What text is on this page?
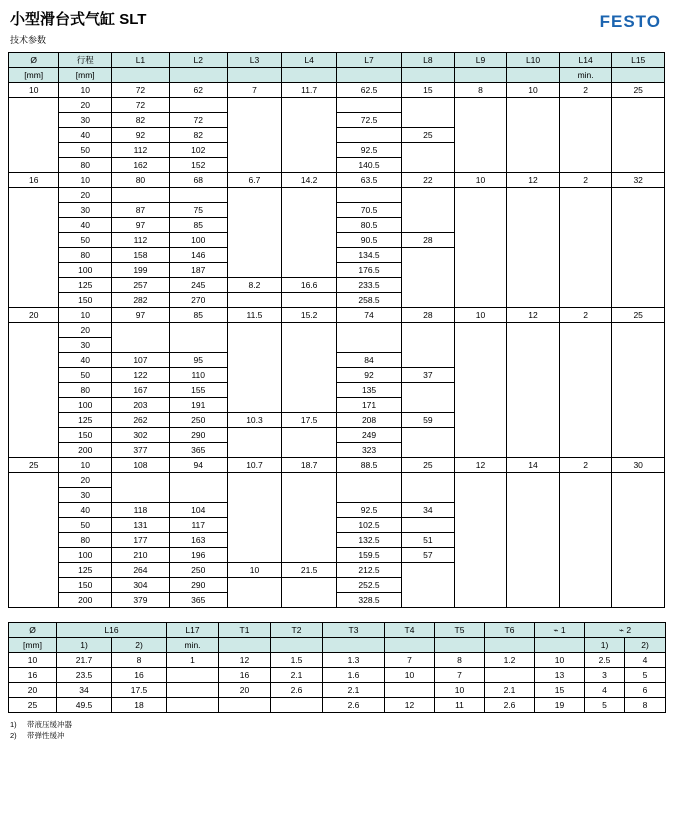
小型滑台式气缸 SLT
技术参数
FESTO
Ø	行程	L1	L2	L3	L4	L7	L8	L9	L10	L14	L15
[mm]	[mm]									min.	
10	10	72	62	7	11.7	62.5	15	8	10	2	25
	20	72									
	30	82	72			72.5					
	40	92	82				25				
	50	112	102			92.5					
	80	162	152			140.5					
16	10	80	68	6.7	14.2	63.5	22	10	12	2	32
	20										
	30	87	75			70.5					
	40	97	85			80.5					
	50	112	100			90.5	28				
	80	158	146			134.5					
	100	199	187			176.5					
	125	257	245	8.2	16.6	233.5					
	150	282	270			258.5					
20	10	97	85	11.5	15.2	74	28	10	12	2	25
	20										
	30										
	40	107	95			84					
	50	122	110			92	37				
	80	167	155			135					
	100	203	191			171					
	125	262	250	10.3	17.5	208	59				
	150	302	290			249					
	200	377	365			323					
25	10	108	94	10.7	18.7	88.5	25	12	14	2	30
	20										
	30										
	40	118	104			92.5	34				
	50	131	117			102.5					
	80	177	163			132.5	51				
	100	210	196			159.5	57				
	125	264	250	10	21.5	212.5					
	150	304	290			252.5					
	200	379	365			328.5					
Ø	L16		L17	T1	T2	T3	T4	T5	T6	⌁ 1	⌁ 2	
[mm]	1)	2)	min.								1)	2)
10	21.7	8	1	12	1.5	1.3	7	8	1.2	10	2.5	4
16	23.5	16		16	2.1	1.6	10	7		13	3	5
20	34	17.5		20	2.6	2.1		10	2.1	15	4	6
25	49.5	18				2.6	12	11	2.6	19	5	8
1)	带液压缓冲器
2)	带弹性缓冲
